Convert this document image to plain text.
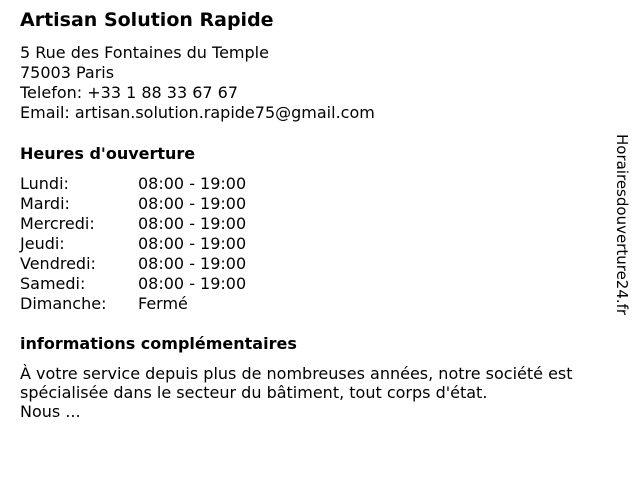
Artisan Solution Rapide
5 Rue des Fontaines du Temple
75003 Paris
Telefon: +33 1 88 33 67 67
Email: artisan.solution.rapide75@gmail.com
Heures d'ouverture
Lundi:	08:00 - 19:00
Mardi:	08:00 - 19:00
Mercredi:	08:00 - 19:00
Jeudi:	08:00 - 19:00
Vendredi:	08:00 - 19:00
Samedi:	08:00 - 19:00
Dimanche:	Fermé
informations complémentaires
À votre service depuis plus de nombreuses années, notre société est
spécialisée dans le secteur du bâtiment, tout corps d'état.
Nous ...
Horairesdouverture24.fr
